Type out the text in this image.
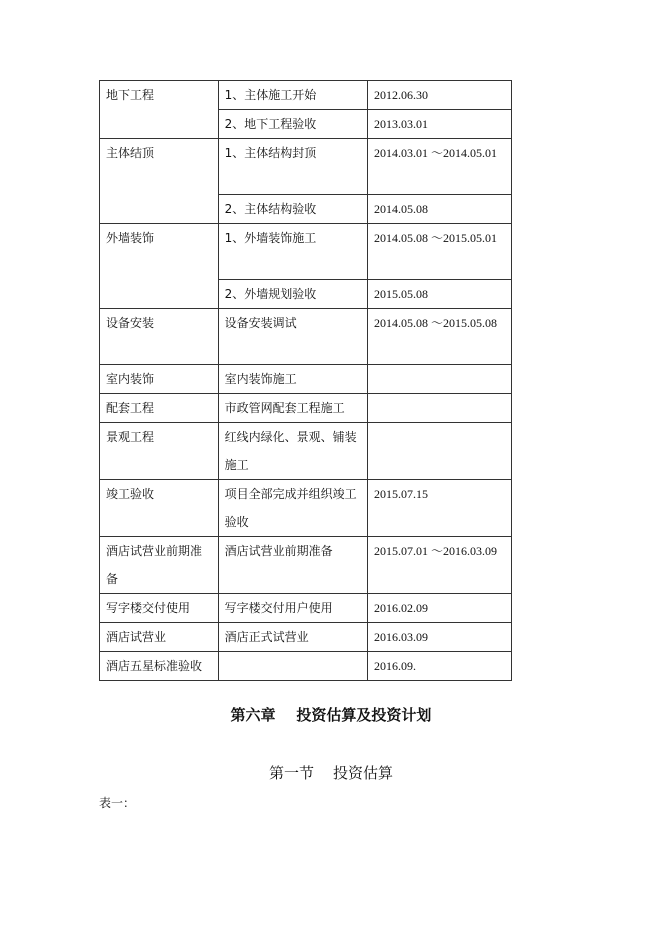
地下工程	1、主体施工开始	2012.06.30
	2、地下工程验收	2013.03.01
主体结顶	1、主体结构封顶	2014.03.01 ～2014.05.01
	2、主体结构验收	2014.05.08
外墙装饰	1、外墙装饰施工	2014.05.08 ～2015.05.01
	2、外墙规划验收	2015.05.08
设备安装	设备安装调试	2014.05.08 ～2015.05.08
室内装饰	室内装饰施工	
配套工程	市政管网配套工程施工	
景观工程	红线内绿化、景观、铺装施工	
竣工验收	项目全部完成并组织竣工验收	2015.07.15
酒店试营业前期准备	酒店试营业前期准备	2015.07.01 ～2016.03.09
写字楼交付使用	写字楼交付用户使用	2016.02.09
酒店试营业	酒店正式试营业	2016.03.09
酒店五星标准验收		2016.09.
第六章    投资估算及投资计划
第一节    投资估算
表一：
